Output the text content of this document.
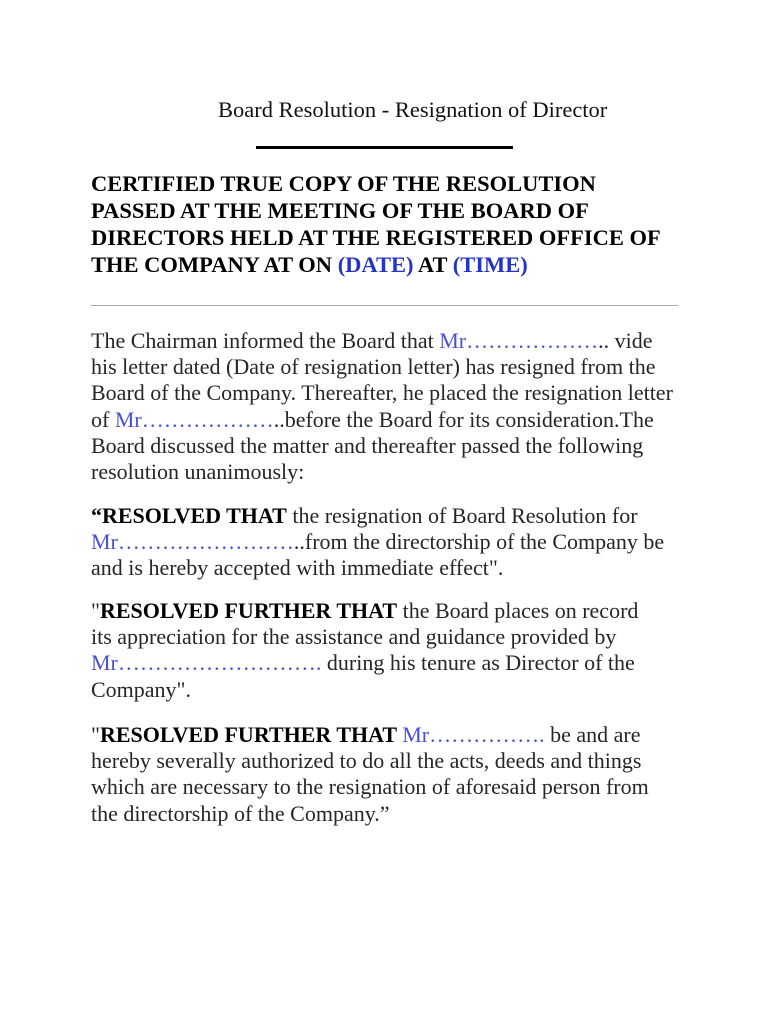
Board Resolution - Resignation of Director
CERTIFIED TRUE COPY OF THE RESOLUTION
PASSED AT THE MEETING OF THE BOARD OF
DIRECTORS HELD AT THE REGISTERED OFFICE OF
THE COMPANY AT ON (DATE) AT (TIME)
The Chairman informed the Board that Mr……………….. vide
his letter dated (Date of resignation letter) has resigned from the
Board of the Company. Thereafter, he placed the resignation letter
of Mr………………..before the Board for its consideration.The
Board discussed the matter and thereafter passed the following
resolution unanimously:
“RESOLVED THAT the resignation of Board Resolution for
Mr……………………..from the directorship of the Company be
and is hereby accepted with immediate effect".
"RESOLVED FURTHER THAT the Board places on record
its appreciation for the assistance and guidance provided by
Mr………………………. during his tenure as Director of the
Company".
"RESOLVED FURTHER THAT Mr……………. be and are
hereby severally authorized to do all the acts, deeds and things
which are necessary to the resignation of aforesaid person from
the directorship of the Company.”
